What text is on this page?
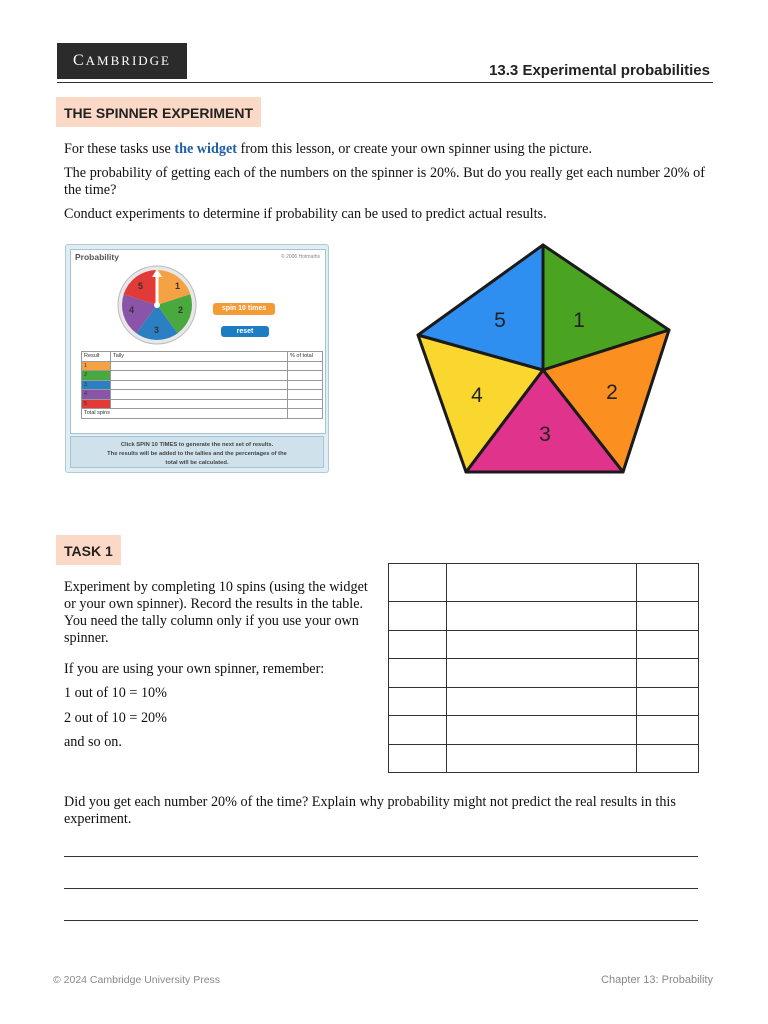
C AMBRIDGE
13.3 Experimental probabilities
THE SPINNER EXPERIMENT
For these tasks use the widget from this lesson, or create your own spinner using the picture.
The probability of getting each of the numbers on the spinner is 20%. But do you really get each number 20% of the time?
Conduct experiments to determine if probability can be used to predict actual results.
Probability	© 2006 Hotmaths
1
2
3
4
5
spin 10 times
reset
Result	Tally	% of total
1		
2		
3		
4		
5		
Total spins		
Click SPIN 10 TIMES to generate the next set of results.
The results will be added to the tallies and the percentages of the
total will be calculated.
1
2
3
4
5
TASK 1
Experiment by completing 10 spins (using the widget or your own spinner). Record the results in the table. You need the tally column only if you use your own spinner.
If you are using your own spinner, remember:
1 out of 10 = 10%
2 out of 10 = 20%
and so on.

Did you get each number 20% of the time? Explain why probability might not predict the real results in this experiment.
© 2024 Cambridge University Press	Chapter 13: Probability
